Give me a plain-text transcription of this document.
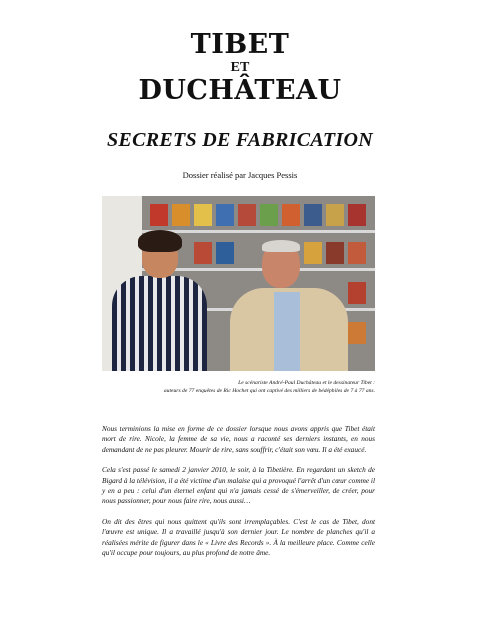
TIBET
ET
DUCHÂTEAU
SECRETS DE FABRICATION
Dossier réalisé par Jacques Pessis
Le scénariste André-Paul Duchâteau et le dessinateur Tibet :
auteurs de 77 enquêtes de Ric Hochet qui ont captivé des milliers de bédéphiles de 7 à 77 ans.

Nous terminions la mise en forme de ce dossier lorsque nous avons appris que Tibet était mort de rire. Nicole, la femme de sa vie, nous a raconté ses derniers instants, en nous demandant de ne pas pleurer. Mourir de rire, sans souffrir, c'était son vœu. Il a été exaucé.

Cela s'est passé le samedi 2 janvier 2010, le soir, à la Tibetière. En regardant un sketch de Bigard à la télévision, il a été victime d'un malaise qui a provoqué l'arrêt d'un cœur comme il y en a peu : celui d'un éternel enfant qui n'a jamais cessé de s'émerveiller, de créer, pour nous passionner, pour nous faire rire, nous aussi…

On dit des êtres qui nous quittent qu'ils sont irremplaçables. C'est le cas de Tibet, dont l'œuvre est unique. Il a travaillé jusqu'à son dernier jour. Le nombre de planches qu'il a réalisées mérite de figurer dans le « Livre des Records ». À la meilleure place. Comme celle qu'il occupe pour toujours, au plus profond de notre âme.
